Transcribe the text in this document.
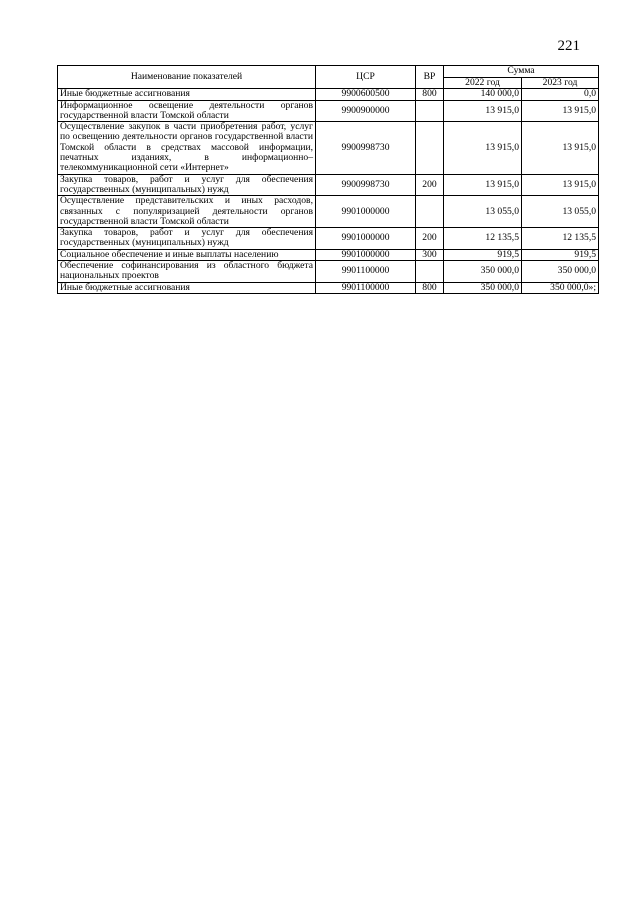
221
Наименование показателей	ЦСР	ВР	Сумма	
			2022 год	2023 год
Иные бюджетные ассигнования	9900600500	800	140 000,0	0,0
Информационное освещение деятельности органов государственной власти Томской области	9900900000		13 915,0	13 915,0
Осуществление закупок в части приобретения работ, услуг по освещению деятельности органов государственной власти Томской области в средствах массовой информации, печатных изданиях, в информационно–телекоммуникационной сети «Интернет»	9900998730		13 915,0	13 915,0
Закупка товаров, работ и услуг для обеспечения государственных (муниципальных) нужд	9900998730	200	13 915,0	13 915,0
Осуществление представительских и иных расходов, связанных с популяризацией деятельности органов государственной власти Томской области	9901000000		13 055,0	13 055,0
Закупка товаров, работ и услуг для обеспечения государственных (муниципальных) нужд	9901000000	200	12 135,5	12 135,5
Социальное обеспечение и иные выплаты населению	9901000000	300	919,5	919,5
Обеспечение софинансирования из областного бюджета национальных проектов	9901100000		350 000,0	350 000,0
Иные бюджетные ассигнования	9901100000	800	350 000,0	350 000,0»;
